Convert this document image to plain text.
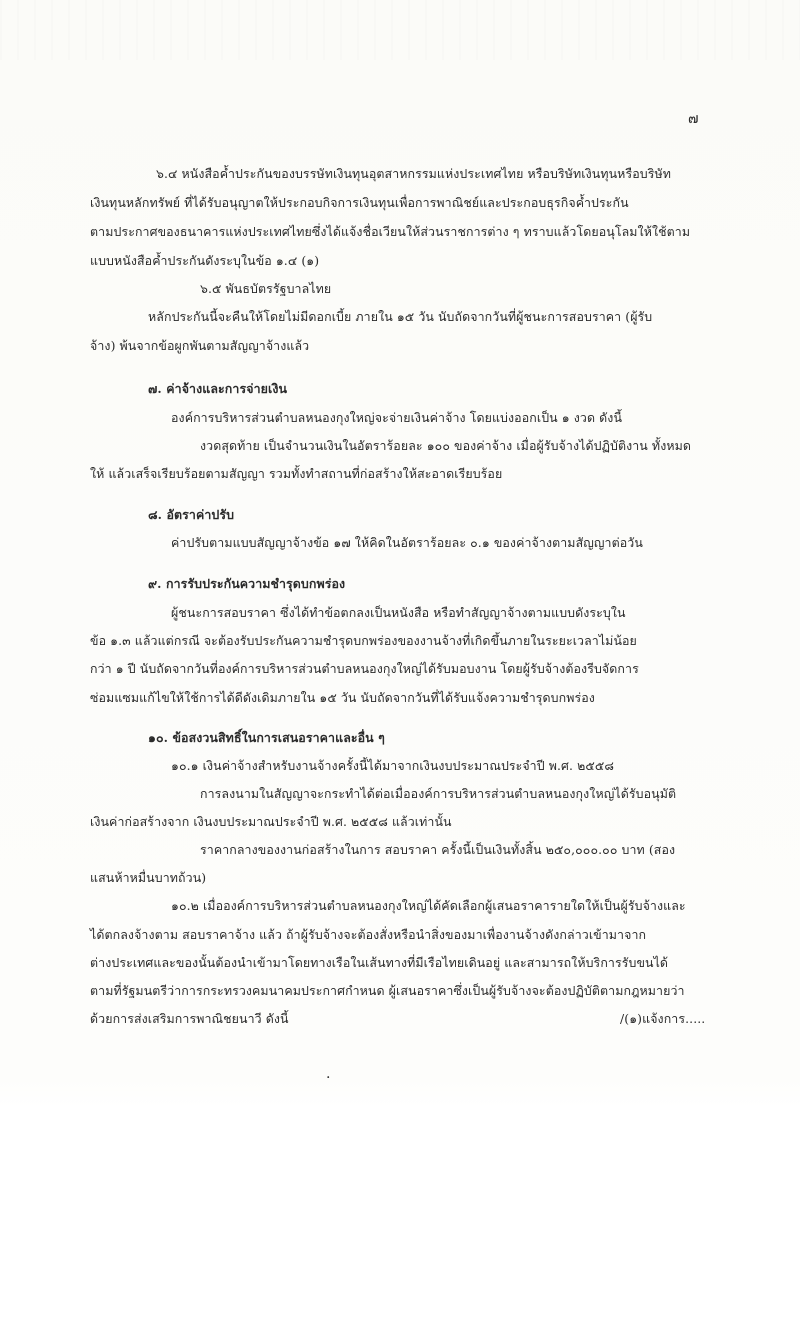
๗
๖.๔ หนังสือค้ำประกันของบรรษัทเงินทุนอุตสาหกรรมแห่งประเทศไทย หรือบริษัทเงินทุนหรือบริษัท
เงินทุนหลักทรัพย์ ที่ได้รับอนุญาตให้ประกอบกิจการเงินทุนเพื่อการพาณิชย์และประกอบธุรกิจค้ำประกัน
ตามประกาศของธนาคารแห่งประเทศไทยซึ่งได้แจ้งชื่อเวียนให้ส่วนราชการต่าง ๆ ทราบแล้วโดยอนุโลมให้ใช้ตาม
แบบหนังสือค้ำประกันดังระบุในข้อ ๑.๔ (๑)
๖.๕ พันธบัตรรัฐบาลไทย
หลักประกันนี้จะคืนให้โดยไม่มีดอกเบี้ย ภายใน ๑๕ วัน นับถัดจากวันที่ผู้ชนะการสอบราคา (ผู้รับ
จ้าง) พ้นจากข้อผูกพันตามสัญญาจ้างแล้ว
๗. ค่าจ้างและการจ่ายเงิน
องค์การบริหารส่วนตำบลหนองกุงใหญ่จะจ่ายเงินค่าจ้าง โดยแบ่งออกเป็น ๑ งวด ดังนี้
งวดสุดท้าย เป็นจำนวนเงินในอัตราร้อยละ ๑๐๐ ของค่าจ้าง เมื่อผู้รับจ้างได้ปฏิบัติงาน ทั้งหมด
ให้ แล้วเสร็จเรียบร้อยตามสัญญา รวมทั้งทำสถานที่ก่อสร้างให้สะอาดเรียบร้อย
๘. อัตราค่าปรับ
ค่าปรับตามแบบสัญญาจ้างข้อ ๑๗ ให้คิดในอัตราร้อยละ ๐.๑ ของค่าจ้างตามสัญญาต่อวัน
๙. การรับประกันความชำรุดบกพร่อง
ผู้ชนะการสอบราคา ซึ่งได้ทำข้อตกลงเป็นหนังสือ หรือทำสัญญาจ้างตามแบบดังระบุใน
ข้อ ๑.๓ แล้วแต่กรณี จะต้องรับประกันความชำรุดบกพร่องของงานจ้างที่เกิดขึ้นภายในระยะเวลาไม่น้อย
กว่า ๑ ปี นับถัดจากวันที่องค์การบริหารส่วนตำบลหนองกุงใหญ่ได้รับมอบงาน โดยผู้รับจ้างต้องรีบจัดการ
ซ่อมแซมแก้ไขให้ใช้การได้ดีดังเดิมภายใน ๑๕ วัน นับถัดจากวันที่ได้รับแจ้งความชำรุดบกพร่อง
๑๐. ข้อสงวนสิทธิ์ในการเสนอราคาและอื่น ๆ
๑๐.๑ เงินค่าจ้างสำหรับงานจ้างครั้งนี้ได้มาจากเงินงบประมาณประจำปี พ.ศ. ๒๕๕๘
การลงนามในสัญญาจะกระทำได้ต่อเมื่อองค์การบริหารส่วนตำบลหนองกุงใหญ่ได้รับอนุมัติ
เงินค่าก่อสร้างจาก เงินงบประมาณประจำปี พ.ศ. ๒๕๕๘ แล้วเท่านั้น
ราคากลางของงานก่อสร้างในการ สอบราคา ครั้งนี้เป็นเงินทั้งสิ้น ๒๕๐,๐๐๐.๐๐ บาท (สอง
แสนห้าหมื่นบาทถ้วน)
๑๐.๒ เมื่อองค์การบริหารส่วนตำบลหนองกุงใหญ่ได้คัดเลือกผู้เสนอราคารายใดให้เป็นผู้รับจ้างและ
ได้ตกลงจ้างตาม สอบราคาจ้าง แล้ว ถ้าผู้รับจ้างจะต้องสั่งหรือนำสิ่งของมาเพื่องานจ้างดังกล่าวเข้ามาจาก
ต่างประเทศและของนั้นต้องนำเข้ามาโดยทางเรือในเส้นทางที่มีเรือไทยเดินอยู่ และสามารถให้บริการรับขนได้
ตามที่รัฐมนตรีว่าการกระทรวงคมนาคมประกาศกำหนด ผู้เสนอราคาซึ่งเป็นผู้รับจ้างจะต้องปฏิบัติตามกฎหมายว่า
ด้วยการส่งเสริมการพาณิชยนาวี ดังนี้	/(๑)แจ้งการ.....
.
